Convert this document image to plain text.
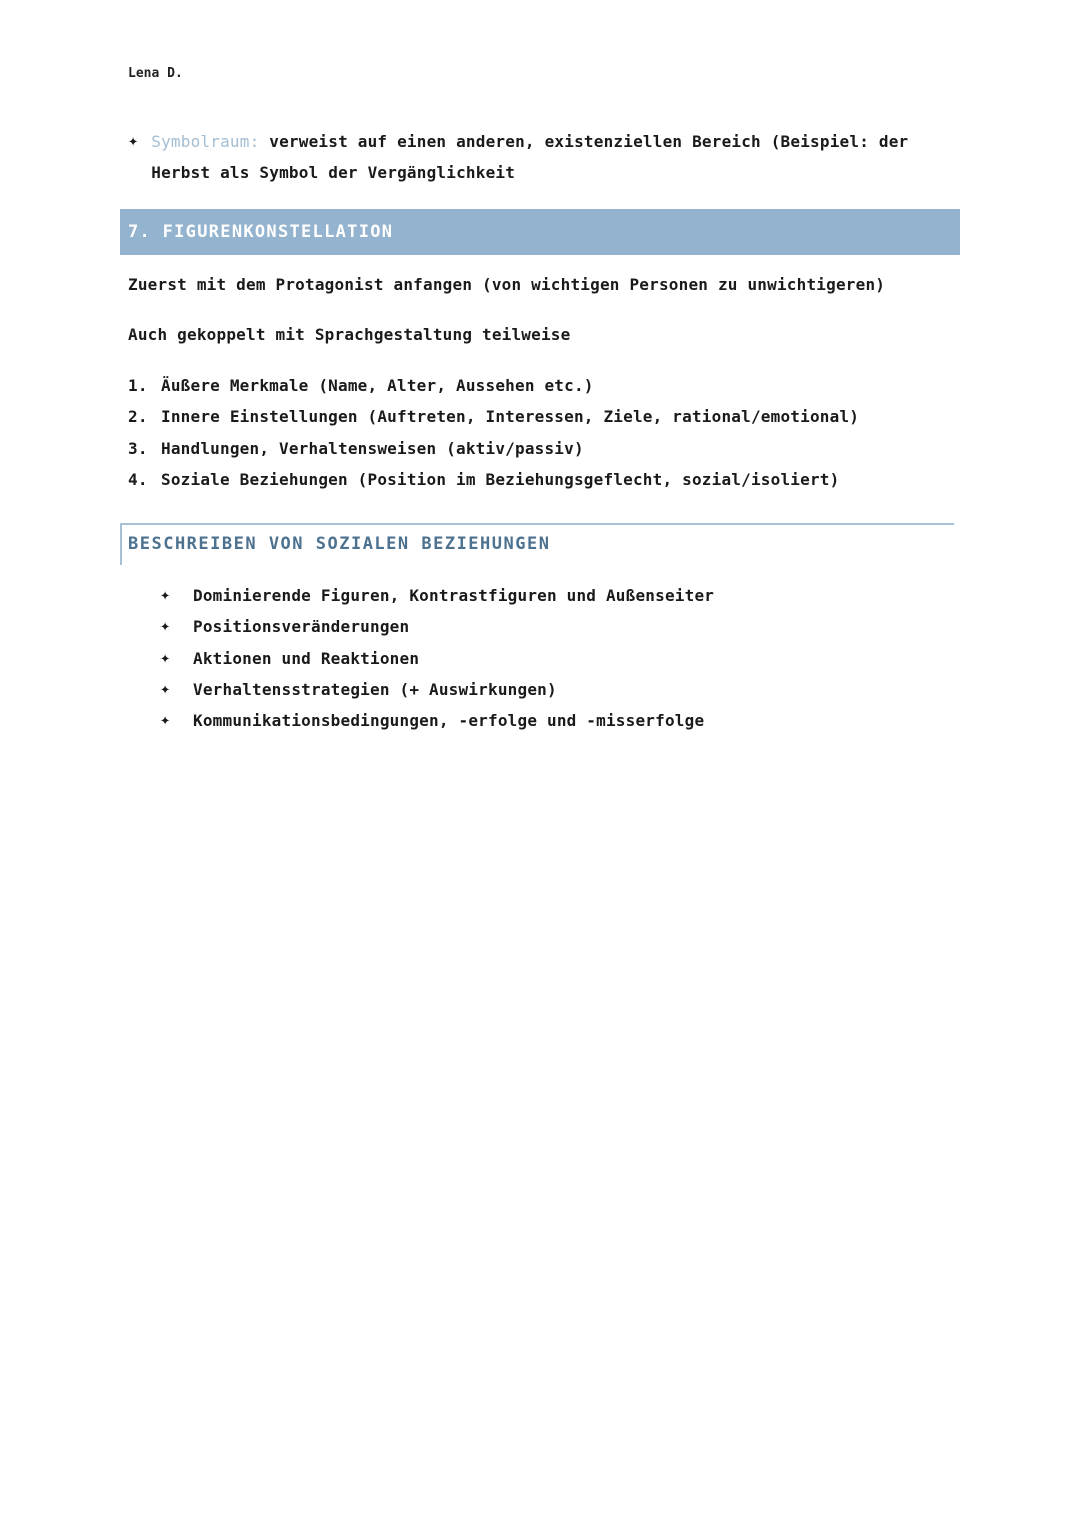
Lena D.
✦ Symbolraum: verweist auf einen anderen, existenziellen Bereich (Beispiel: der Herbst als Symbol der Vergänglichkeit
7. FIGURENKONSTELLATION
Zuerst mit dem Protagonist anfangen (von wichtigen Personen zu unwichtigeren)
Auch gekoppelt mit Sprachgestaltung teilweise
1. Äußere Merkmale (Name, Alter, Aussehen etc.)
2. Innere Einstellungen (Auftreten, Interessen, Ziele, rational/emotional)
3. Handlungen, Verhaltensweisen (aktiv/passiv)
4. Soziale Beziehungen (Position im Beziehungsgeflecht, sozial/isoliert)
BESCHREIBEN VON SOZIALEN BEZIEHUNGEN
✦	Dominierende Figuren, Kontrastfiguren und Außenseiter
✦	Positionsveränderungen
✦	Aktionen und Reaktionen
✦	Verhaltensstrategien (+ Auswirkungen)
✦	Kommunikationsbedingungen, -erfolge und -misserfolge
